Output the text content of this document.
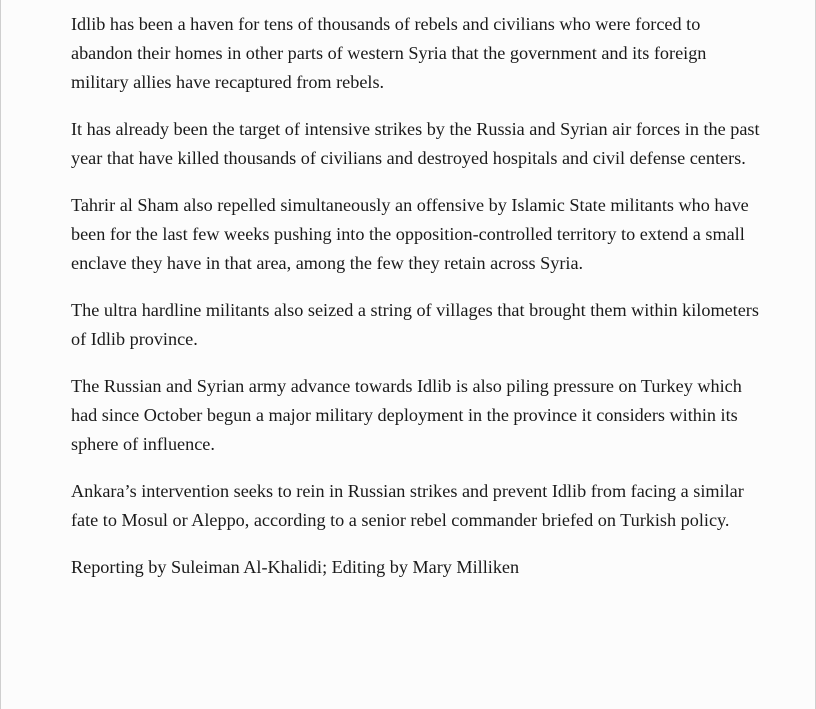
Idlib has been a haven for tens of thousands of rebels and civilians who were forced to abandon their homes in other parts of western Syria that the government and its foreign military allies have recaptured from rebels.

It has already been the target of intensive strikes by the Russia and Syrian air forces in the past year that have killed thousands of civilians and destroyed hospitals and civil defense centers.

Tahrir al Sham also repelled simultaneously an offensive by Islamic State militants who have been for the last few weeks pushing into the opposition-controlled territory to extend a small enclave they have in that area, among the few they retain across Syria.

The ultra hardline militants also seized a string of villages that brought them within kilometers of Idlib province.

The Russian and Syrian army advance towards Idlib is also piling pressure on Turkey which had since October begun a major military deployment in the province it considers within its sphere of influence.

Ankara’s intervention seeks to rein in Russian strikes and prevent Idlib from facing a similar fate to Mosul or Aleppo, according to a senior rebel commander briefed on Turkish policy.

Reporting by Suleiman Al-Khalidi; Editing by Mary Milliken
